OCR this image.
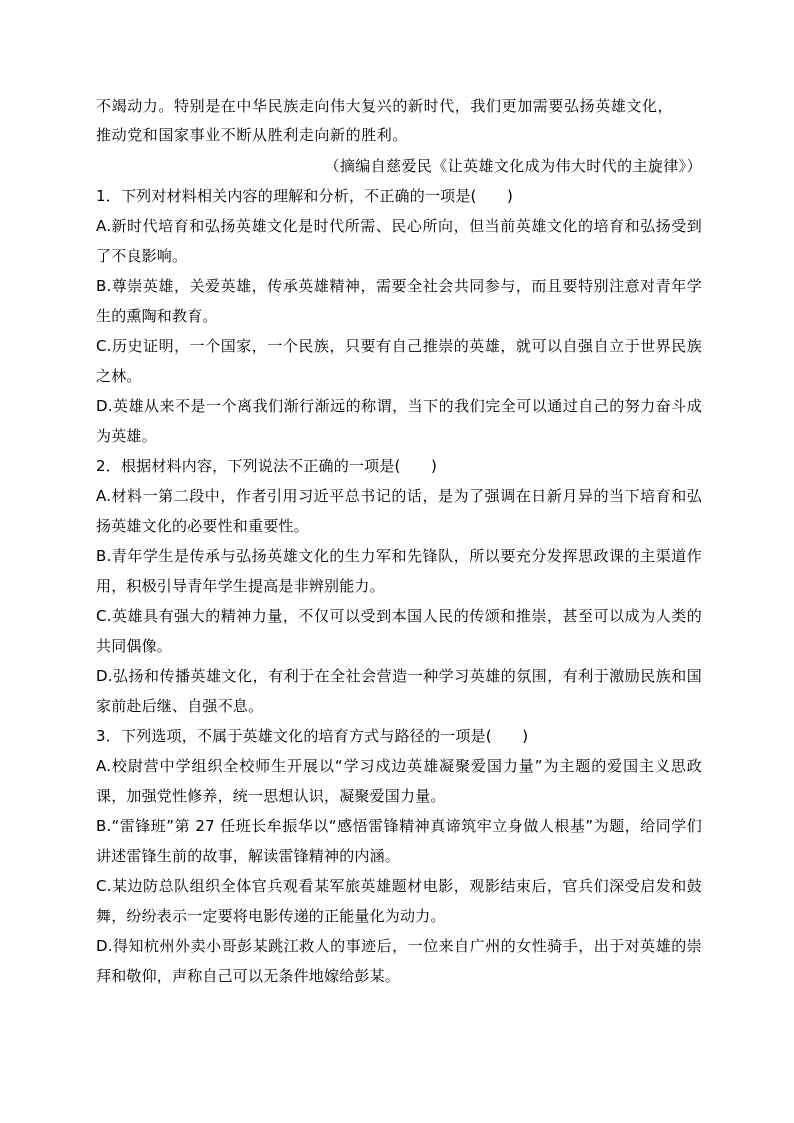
不竭动力。特别是在中华民族走向伟大复兴的新时代，我们更加需要弘扬英雄文化，

推动党和国家事业不断从胜利走向新的胜利。

（摘编自慈爱民《让英雄文化成为伟大时代的主旋律》）

1．下列对材料相关内容的理解和分析，不正确的一项是(　　)

A.新时代培育和弘扬英雄文化是时代所需、民心所向，但当前英雄文化的培育和弘扬受到了不良影响。

B.尊崇英雄，关爱英雄，传承英雄精神，需要全社会共同参与，而且要特别注意对青年学生的熏陶和教育。

C.历史证明，一个国家，一个民族，只要有自己推崇的英雄，就可以自强自立于世界民族之林。

D.英雄从来不是一个离我们渐行渐远的称谓，当下的我们完全可以通过自己的努力奋斗成为英雄。

2．根据材料内容，下列说法不正确的一项是(　　)

A.材料一第二段中，作者引用习近平总书记的话，是为了强调在日新月异的当下培育和弘扬英雄文化的必要性和重要性。

B.青年学生是传承与弘扬英雄文化的生力军和先锋队，所以要充分发挥思政课的主渠道作用，积极引导青年学生提高是非辨别能力。

C.英雄具有强大的精神力量，不仅可以受到本国人民的传颂和推崇，甚至可以成为人类的共同偶像。

D.弘扬和传播英雄文化，有利于在全社会营造一种学习英雄的氛围，有利于激励民族和国家前赴后继、自强不息。

3．下列选项，不属于英雄文化的培育方式与路径的一项是(　　)

A.校尉营中学组织全校师生开展以“学习戍边英雄凝聚爱国力量”为主题的爱国主义思政课，加强党性修养，统一思想认识，凝聚爱国力量。

B.“雷锋班”第 27 任班长牟振华以“感悟雷锋精神真谛筑牢立身做人根基”为题，给同学们讲述雷锋生前的故事，解读雷锋精神的内涵。

C.某边防总队组织全体官兵观看某军旅英雄题材电影，观影结束后，官兵们深受启发和鼓舞，纷纷表示一定要将电影传递的正能量化为动力。

D.得知杭州外卖小哥彭某跳江救人的事迹后，一位来自广州的女性骑手，出于对英雄的崇拜和敬仰，声称自己可以无条件地嫁给彭某。
